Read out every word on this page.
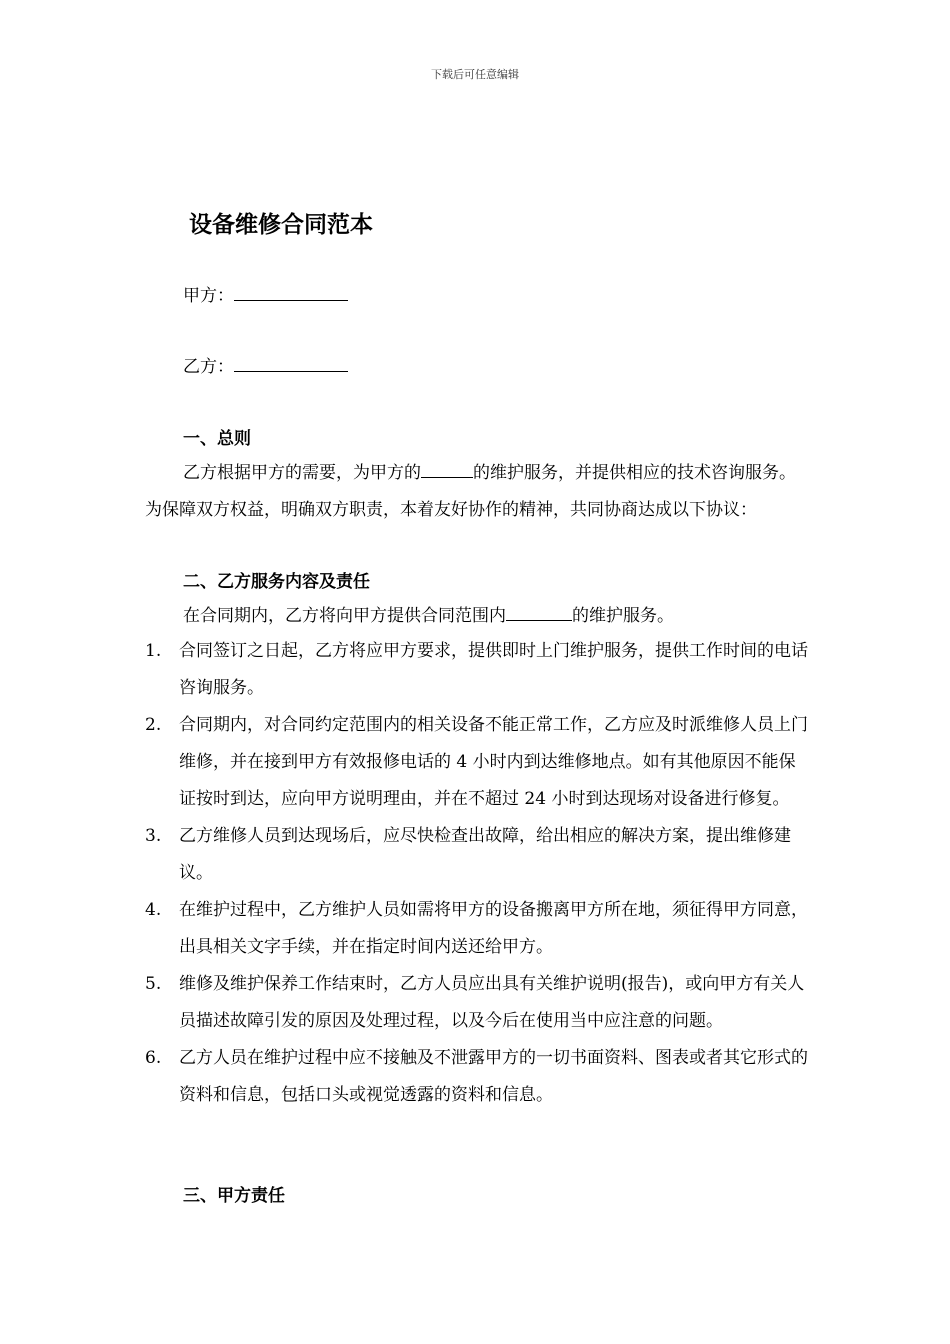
下载后可任意编辑
设备维修合同范本
甲方：
乙方：
一、总则
乙方根据甲方的需要，为甲方的	的维护服务，并提供相应的技术咨询服务。为保障双方权益，明确双方职责，本着友好协作的精神，共同协商达成以下协议：
二、乙方服务内容及责任
在合同期内，乙方将向甲方提供合同范围内	的维护服务。
1. 合同签订之日起，乙方将应甲方要求，提供即时上门维护服务，提供工作时间的电话咨询服务。
2. 合同期内，对合同约定范围内的相关设备不能正常工作，乙方应及时派维修人员上门维修，并在接到甲方有效报修电话的 4 小时内到达维修地点。如有其他原因不能保证按时到达，应向甲方说明理由，并在不超过 24 小时到达现场对设备进行修复。
3. 乙方维修人员到达现场后，应尽快检查出故障，给出相应的解决方案，提出维修建议。
4. 在维护过程中，乙方维护人员如需将甲方的设备搬离甲方所在地，须征得甲方同意，出具相关文字手续，并在指定时间内送还给甲方。
5. 维修及维护保养工作结束时，乙方人员应出具有关维护说明(报告)，或向甲方有关人员描述故障引发的原因及处理过程，以及今后在使用当中应注意的问题。
6. 乙方人员在维护过程中应不接触及不泄露甲方的一切书面资料、图表或者其它形式的资料和信息，包括口头或视觉透露的资料和信息。
三、甲方责任
